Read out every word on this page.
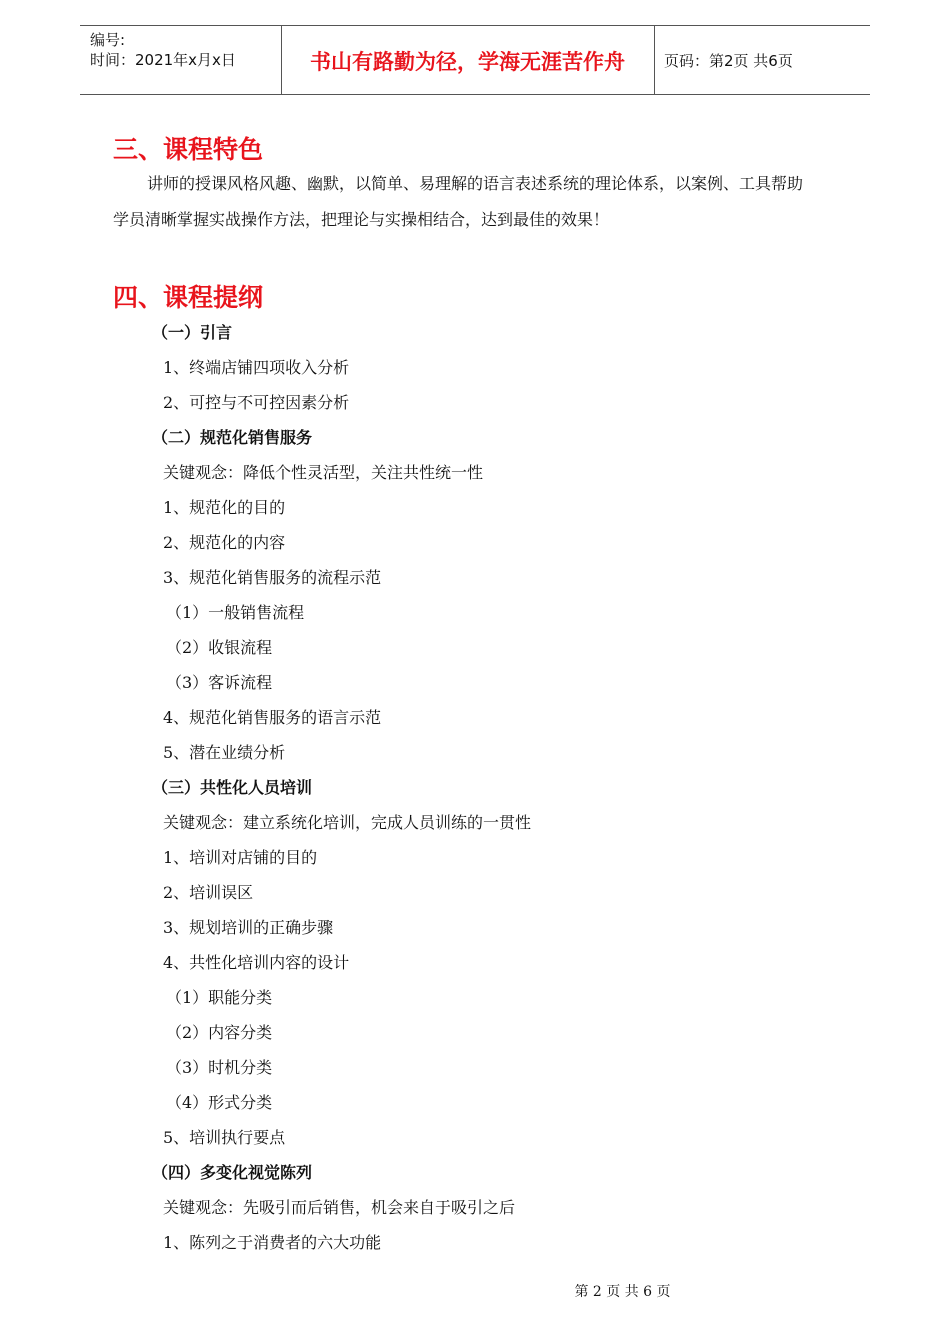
编号:
时间：2021年x月x日	书山有路勤为径，学海无涯苦作舟	页码：第2页 共6页
三、课程特色
讲师的授课风格风趣、幽默，以简单、易理解的语言表述系统的理论体系，以案例、工具帮助
学员清晰掌握实战操作方法，把理论与实操相结合，达到最佳的效果！
四、课程提纲
（一）引言
1、终端店铺四项收入分析
2、可控与不可控因素分析
（二）规范化销售服务
关键观念：降低个性灵活型，关注共性统一性
1、规范化的目的
2、规范化的内容
3、规范化销售服务的流程示范
（1）一般销售流程
（2）收银流程
（3）客诉流程
4、规范化销售服务的语言示范
5、潜在业绩分析
（三）共性化人员培训
关键观念：建立系统化培训，完成人员训练的一贯性
1、培训对店铺的目的
2、培训误区
3、规划培训的正确步骤
4、共性化培训内容的设计
（1）职能分类
（2）内容分类
（3）时机分类
（4）形式分类
5、培训执行要点
（四）多变化视觉陈列
关键观念：先吸引而后销售，机会来自于吸引之后
1、陈列之于消费者的六大功能
第 2 页 共 6 页
